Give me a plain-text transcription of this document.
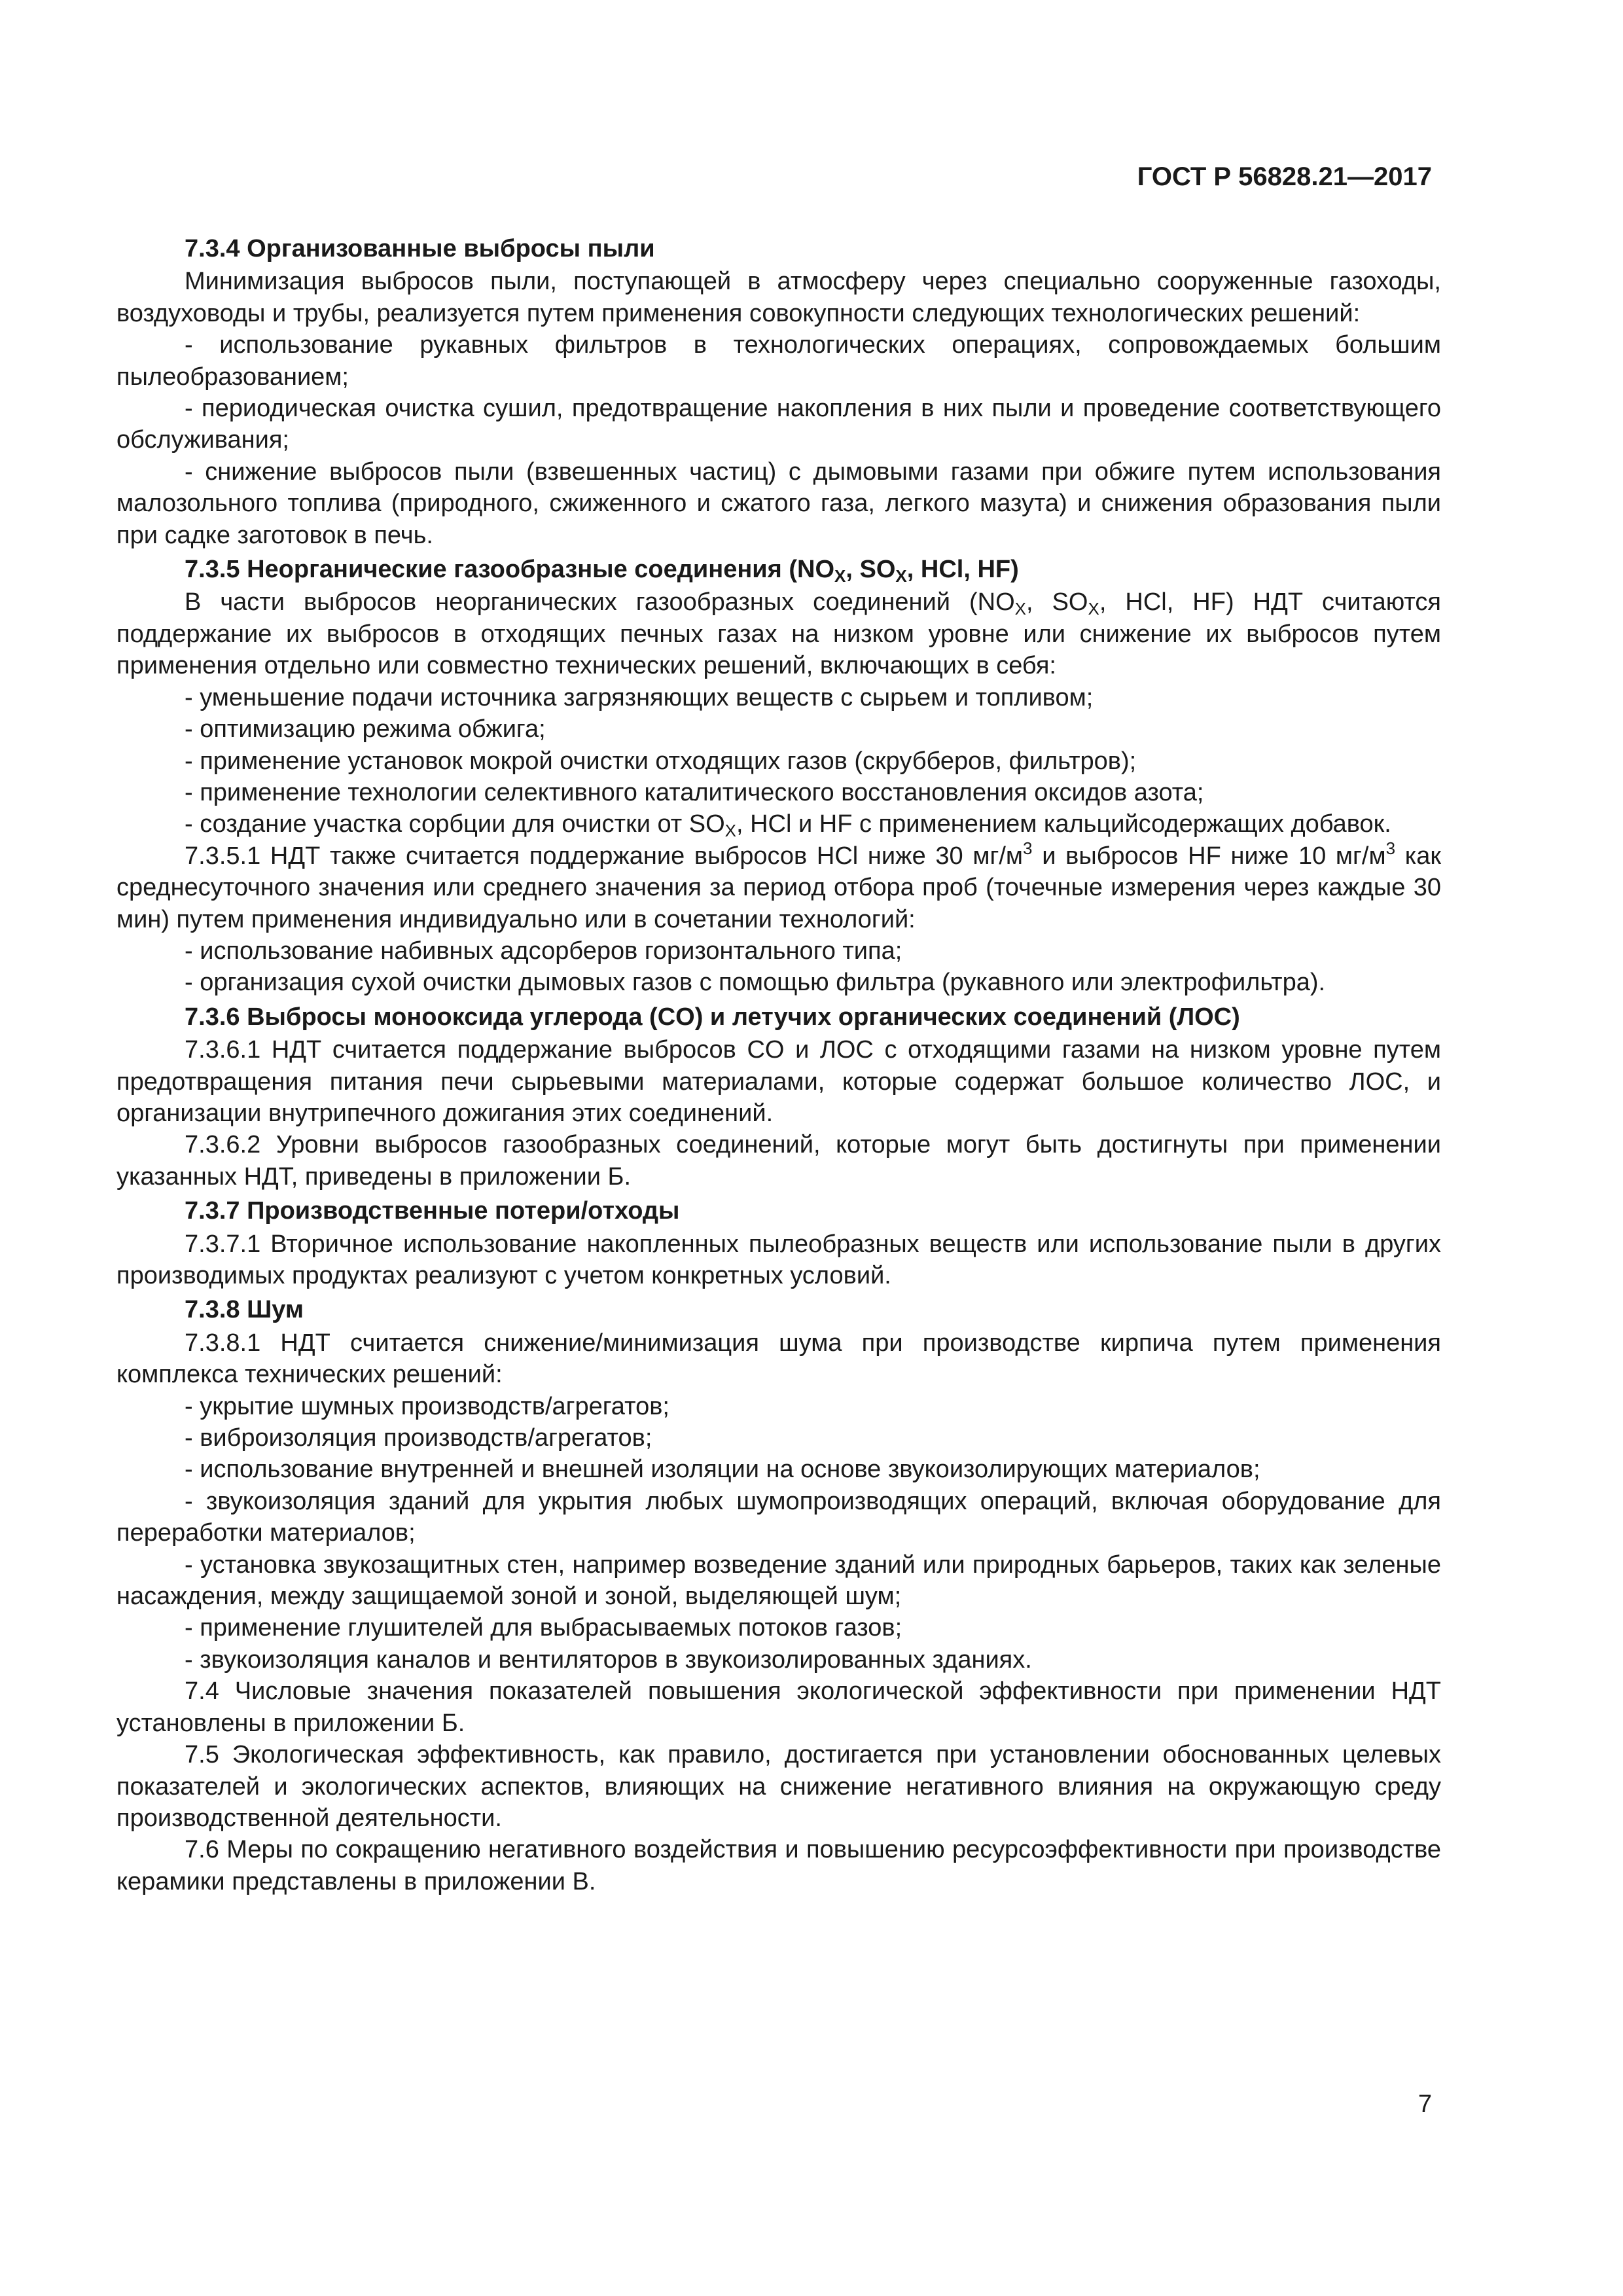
ГОСТ Р 56828.21—2017

7.3.4 Организованные выбросы пыли

Минимизация выбросов пыли, поступающей в атмосферу через специально сооруженные газоходы, воздуховоды и трубы, реализуется путем применения совокупности следующих технологических решений:

- использование рукавных фильтров в технологических операциях, сопровождаемых большим пылеобразованием;

- периодическая очистка сушил, предотвращение накопления в них пыли и проведение соответствующего обслуживания;

- снижение выбросов пыли (взвешенных частиц) с дымовыми газами при обжиге путем использования малозольного топлива (природного, сжиженного и сжатого газа, легкого мазута) и снижения образования пыли при садке заготовок в печь.

7.3.5 Неорганические газообразные соединения ($NO_X$, $SO_X$, HCl, HF)

В части выбросов неорганических газообразных соединений ($NO_X$, $SO_X$, HCl, HF) НДТ считаются поддержание их выбросов в отходящих печных газах на низком уровне или снижение их выбросов путем применения отдельно или совместно технических решений, включающих в себя:

- уменьшение подачи источника загрязняющих веществ с сырьем и топливом;

- оптимизацию режима обжига;

- применение установок мокрой очистки отходящих газов (скрубберов, фильтров);

- применение технологии селективного каталитического восстановления оксидов азота;

- создание участка сорбции для очистки от $SO_X$, HCl и HF с применением кальцийсодержащих добавок.

7.3.5.1 НДТ также считается поддержание выбросов HCl ниже 30 $мг/м^3$ и выбросов HF ниже 10 $мг/м^3$ как среднесуточного значения или среднего значения за период отбора проб (точечные измерения через каждые 30 мин) путем применения индивидуально или в сочетании технологий:

- использование набивных адсорберов горизонтального типа;

- организация сухой очистки дымовых газов с помощью фильтра (рукавного или электрофильтра).

7.3.6 Выбросы монооксида углерода (CO) и летучих органических соединений (ЛОС)

7.3.6.1 НДТ считается поддержание выбросов CO и ЛОС с отходящими газами на низком уровне путем предотвращения питания печи сырьевыми материалами, которые содержат большое количество ЛОС, и организации внутрипечного дожигания этих соединений.

7.3.6.2 Уровни выбросов газообразных соединений, которые могут быть достигнуты при применении указанных НДТ, приведены в приложении Б.

7.3.7 Производственные потери/отходы

7.3.7.1 Вторичное использование накопленных пылеобразных веществ или использование пыли в других производимых продуктах реализуют с учетом конкретных условий.

7.3.8 Шум

7.3.8.1 НДТ считается снижение/минимизация шума при производстве кирпича путем применения комплекса технических решений:

- укрытие шумных производств/агрегатов;

- виброизоляция производств/агрегатов;

- использование внутренней и внешней изоляции на основе звукоизолирующих материалов;

- звукоизоляция зданий для укрытия любых шумопроизводящих операций, включая оборудование для переработки материалов;

- установка звукозащитных стен, например возведение зданий или природных барьеров, таких как зеленые насаждения, между защищаемой зоной и зоной, выделяющей шум;

- применение глушителей для выбрасываемых потоков газов;

- звукоизоляция каналов и вентиляторов в звукоизолированных зданиях.

7.4 Числовые значения показателей повышения экологической эффективности при применении НДТ установлены в приложении Б.

7.5 Экологическая эффективность, как правило, достигается при установлении обоснованных целевых показателей и экологических аспектов, влияющих на снижение негативного влияния на окружающую среду производственной деятельности.

7.6 Меры по сокращению негативного воздействия и повышению ресурсоэффективности при производстве керамики представлены в приложении В.

7
